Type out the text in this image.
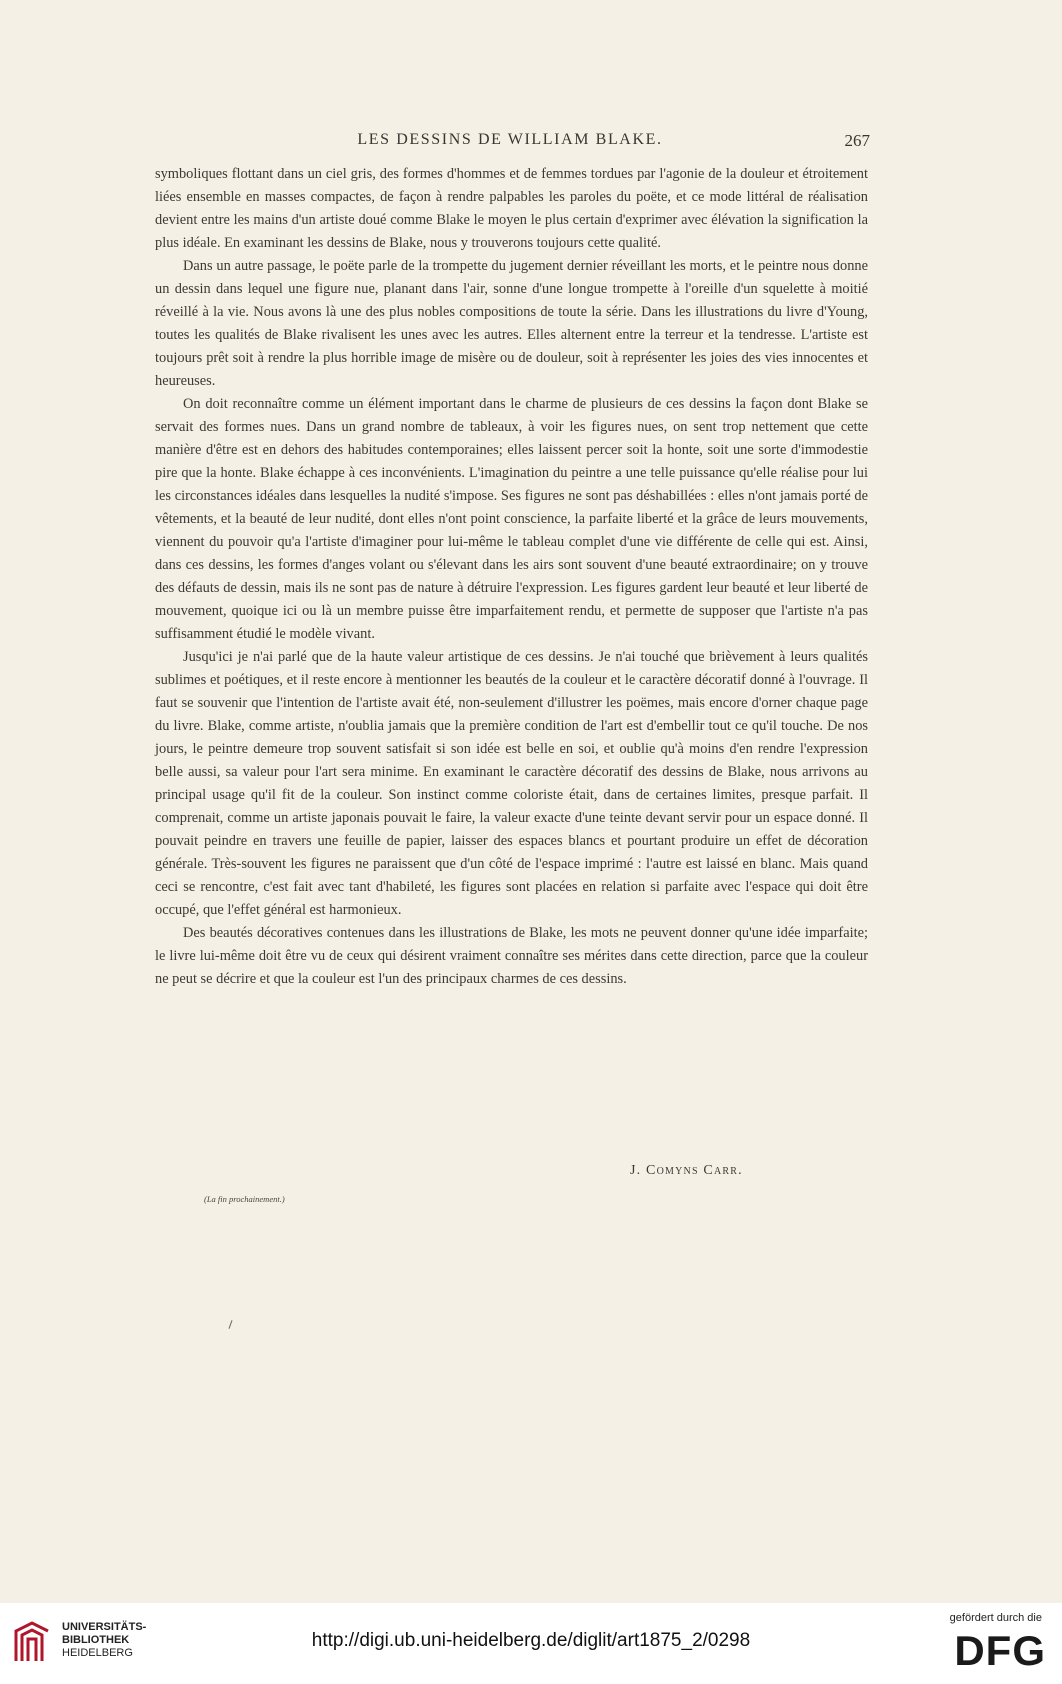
LES DESSINS DE WILLIAM BLAKE.	267

symboliques flottant dans un ciel gris, des formes d'hommes et de femmes tordues par l'agonie de la douleur et étroitement liées ensemble en masses compactes, de façon à rendre palpables les paroles du poëte, et ce mode littéral de réalisation devient entre les mains d'un artiste doué comme Blake le moyen le plus certain d'exprimer avec élévation la signification la plus idéale. En examinant les dessins de Blake, nous y trouverons toujours cette qualité.

Dans un autre passage, le poëte parle de la trompette du jugement dernier réveillant les morts, et le peintre nous donne un dessin dans lequel une figure nue, planant dans l'air, sonne d'une longue trompette à l'oreille d'un squelette à moitié réveillé à la vie. Nous avons là une des plus nobles compositions de toute la série. Dans les illustrations du livre d'Young, toutes les qualités de Blake rivalisent les unes avec les autres. Elles alternent entre la terreur et la tendresse. L'artiste est toujours prêt soit à rendre la plus horrible image de misère ou de douleur, soit à représenter les joies des vies innocentes et heureuses.

On doit reconnaître comme un élément important dans le charme de plusieurs de ces dessins la façon dont Blake se servait des formes nues. Dans un grand nombre de tableaux, à voir les figures nues, on sent trop nettement que cette manière d'être est en dehors des habitudes contemporaines; elles laissent percer soit la honte, soit une sorte d'immodestie pire que la honte. Blake échappe à ces inconvénients. L'imagination du peintre a une telle puissance qu'elle réalise pour lui les circonstances idéales dans lesquelles la nudité s'impose. Ses figures ne sont pas déshabillées : elles n'ont jamais porté de vêtements, et la beauté de leur nudité, dont elles n'ont point conscience, la parfaite liberté et la grâce de leurs mouvements, viennent du pouvoir qu'a l'artiste d'imaginer pour lui-même le tableau complet d'une vie différente de celle qui est. Ainsi, dans ces dessins, les formes d'anges volant ou s'élevant dans les airs sont souvent d'une beauté extraordinaire; on y trouve des défauts de dessin, mais ils ne sont pas de nature à détruire l'expression. Les figures gardent leur beauté et leur liberté de mouvement, quoique ici ou là un membre puisse être imparfaitement rendu, et permette de supposer que l'artiste n'a pas suffisamment étudié le modèle vivant.

Jusqu'ici je n'ai parlé que de la haute valeur artistique de ces dessins. Je n'ai touché que brièvement à leurs qualités sublimes et poétiques, et il reste encore à mentionner les beautés de la couleur et le caractère décoratif donné à l'ouvrage. Il faut se souvenir que l'intention de l'artiste avait été, non-seulement d'illustrer les poëmes, mais encore d'orner chaque page du livre. Blake, comme artiste, n'oublia jamais que la première condition de l'art est d'embellir tout ce qu'il touche. De nos jours, le peintre demeure trop souvent satisfait si son idée est belle en soi, et oublie qu'à moins d'en rendre l'expression belle aussi, sa valeur pour l'art sera minime. En examinant le caractère décoratif des dessins de Blake, nous arrivons au principal usage qu'il fit de la couleur. Son instinct comme coloriste était, dans de certaines limites, presque parfait. Il comprenait, comme un artiste japonais pouvait le faire, la valeur exacte d'une teinte devant servir pour un espace donné. Il pouvait peindre en travers une feuille de papier, laisser des espaces blancs et pourtant produire un effet de décoration générale. Très-souvent les figures ne paraissent que d'un côté de l'espace imprimé : l'autre est laissé en blanc. Mais quand ceci se rencontre, c'est fait avec tant d'habileté, les figures sont placées en relation si parfaite avec l'espace qui doit être occupé, que l'effet général est harmonieux.

Des beautés décoratives contenues dans les illustrations de Blake, les mots ne peuvent donner qu'une idée imparfaite; le livre lui-même doit être vu de ceux qui désirent vraiment connaître ses mérites dans cette direction, parce que la couleur ne peut se décrire et que la couleur est l'un des principaux charmes de ces dessins.

J. Comyns Carr.
(La fin prochainement.)
UNIVERSITÄTS-
BIBLIOTHEK
HEIDELBERG
http://digi.ub.uni-heidelberg.de/diglit/art1875_2/0298
gefördert durch die
DFG
